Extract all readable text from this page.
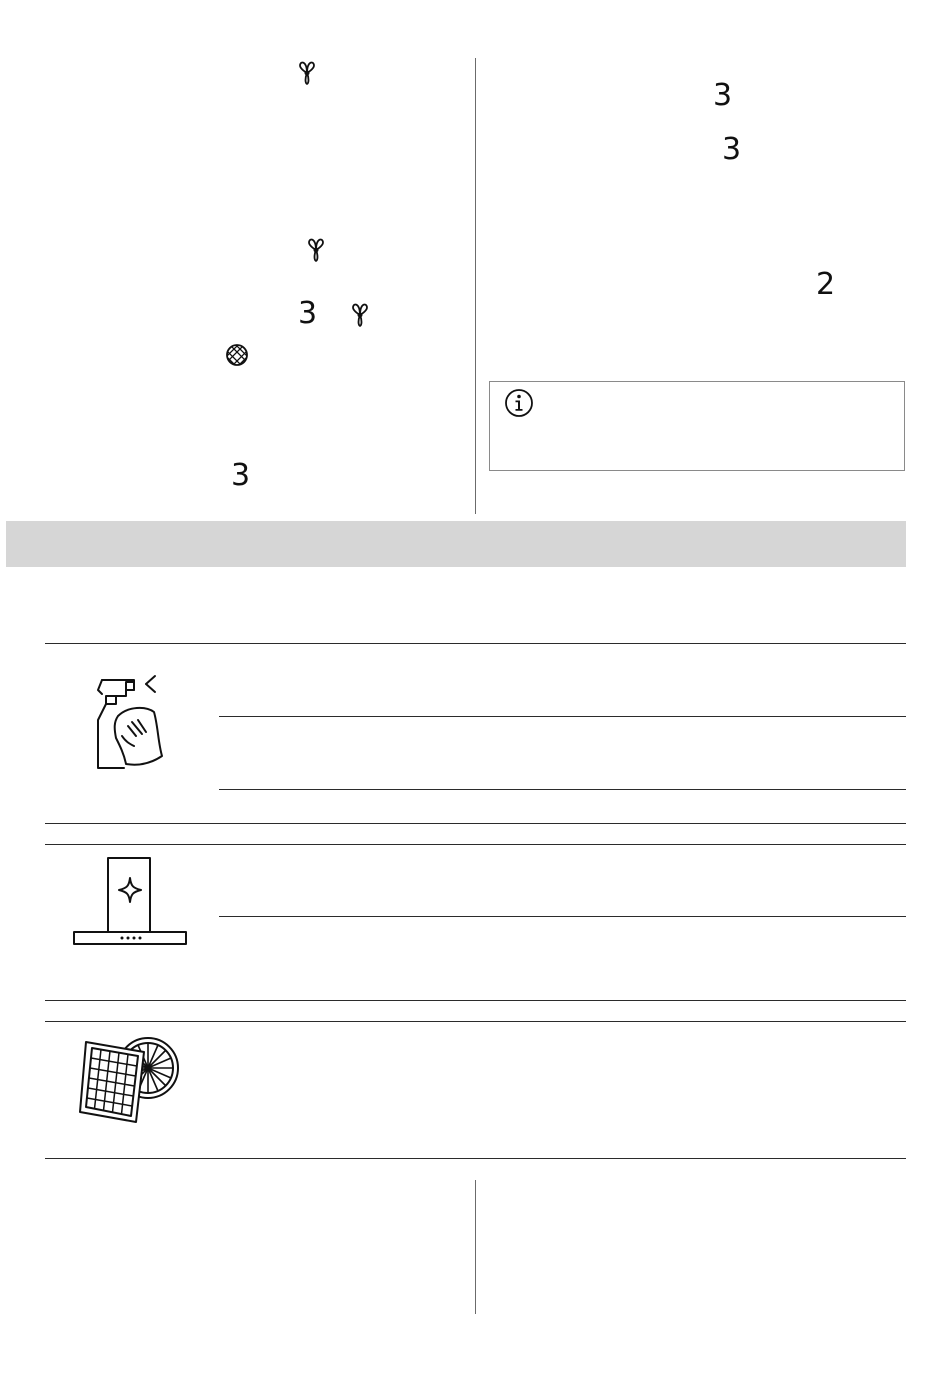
3
3
3
3
2
